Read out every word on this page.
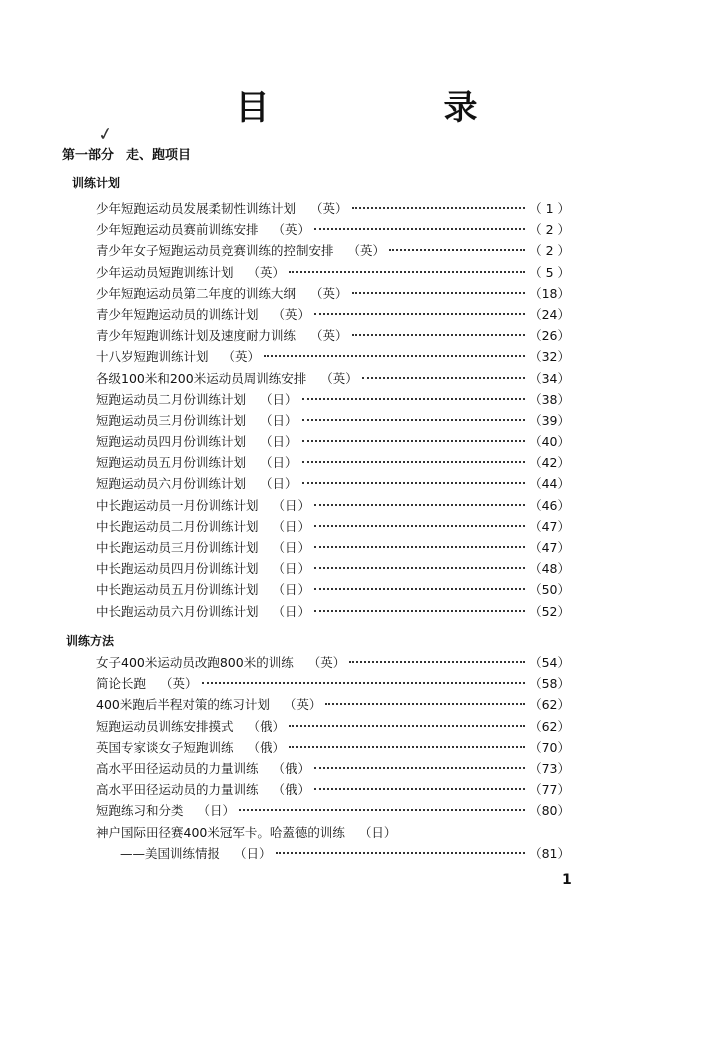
目　录
✓
第一部分 走、跑项目
训练计划
少年短跑运动员发展柔韧性训练计划	（英）	（ 1 ）
少年短跑运动员赛前训练安排	（英）	（ 2 ）
青少年女子短跑运动员竞赛训练的控制安排	（英）	（ 2 ）
少年运动员短跑训练计划	（英）	（ 5 ）
少年短跑运动员第二年度的训练大纲	（英）	（18）
青少年短跑运动员的训练计划	（英）	（24）
青少年短跑训练计划及速度耐力训练	（英）	（26）
十八岁短跑训练计划	（英）	（32）
各级100米和200米运动员周训练安排	（英）	（34）
短跑运动员二月份训练计划	（日）	（38）
短跑运动员三月份训练计划	（日）	（39）
短跑运动员四月份训练计划	（日）	（40）
短跑运动员五月份训练计划	（日）	（42）
短跑运动员六月份训练计划	（日）	（44）
中长跑运动员一月份训练计划	（日）	（46）
中长跑运动员二月份训练计划	（日）	（47）
中长跑运动员三月份训练计划	（日）	（47）
中长跑运动员四月份训练计划	（日）	（48）
中长跑运动员五月份训练计划	（日）	（50）
中长跑运动员六月份训练计划	（日）	（52）
训练方法
女子400米运动员改跑800米的训练	（英）	（54）
简论长跑	（英）	（58）
400米跑后半程对策的练习计划	（英）	（62）
短跑运动员训练安排摸式	（俄）	（62）
英国专家谈女子短跑训练	（俄）	（70）
高水平田径运动员的力量训练	（俄）	（73）
高水平田径运动员的力量训练	（俄）	（77）
短跑练习和分类	（日）	（80）
神户国际田径赛400米冠军卡。哈蓋德的训练	（日）
——美国训练情报	（日）	（81）
1
